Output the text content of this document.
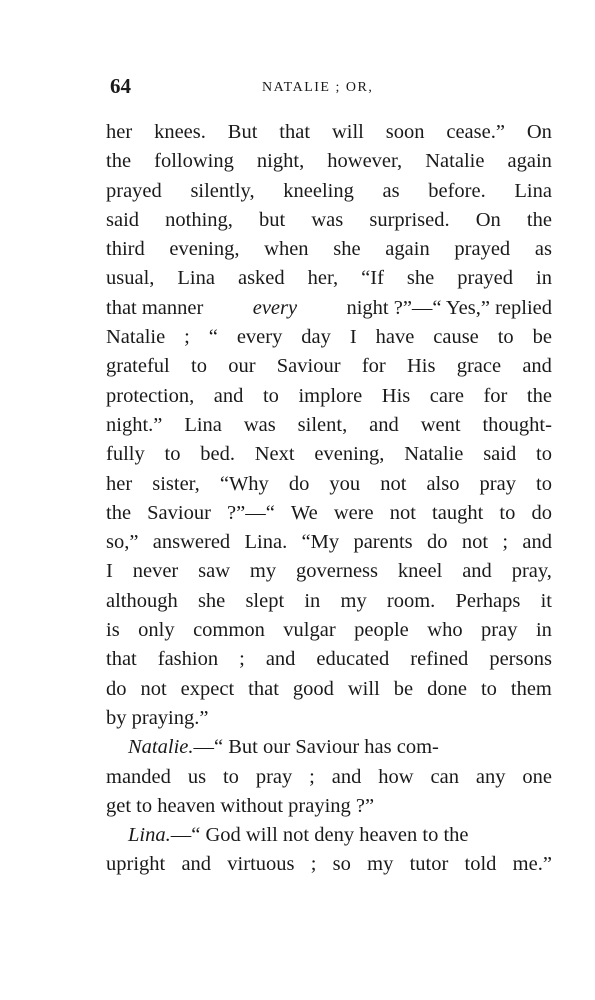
64	NATALIE ; OR,
her knees. But that will soon cease.” On
the following night, however, Natalie again
prayed silently, kneeling as before. Lina
said nothing, but was surprised. On the
third evening, when she again prayed as
usual, Lina asked her, “If she prayed in
that manner every night ?”—“ Yes,” replied
Natalie ; “ every day I have cause to be
grateful to our Saviour for His grace and
protection, and to implore His care for the
night.” Lina was silent, and went thought-
fully to bed. Next evening, Natalie said to
her sister, “Why do you not also pray to
the Saviour ?”—“ We were not taught to do
so,” answered Lina. “My parents do not ; and
I never saw my governess kneel and pray,
although she slept in my room. Perhaps it
is only common vulgar people who pray in
that fashion ; and educated refined persons
do not expect that good will be done to them
by praying.”
Natalie. —“ But our Saviour has com-
manded us to pray ; and how can any one
get to heaven without praying ?”
Lina. —“ God will not deny heaven to the
upright and virtuous ; so my tutor told me.”
